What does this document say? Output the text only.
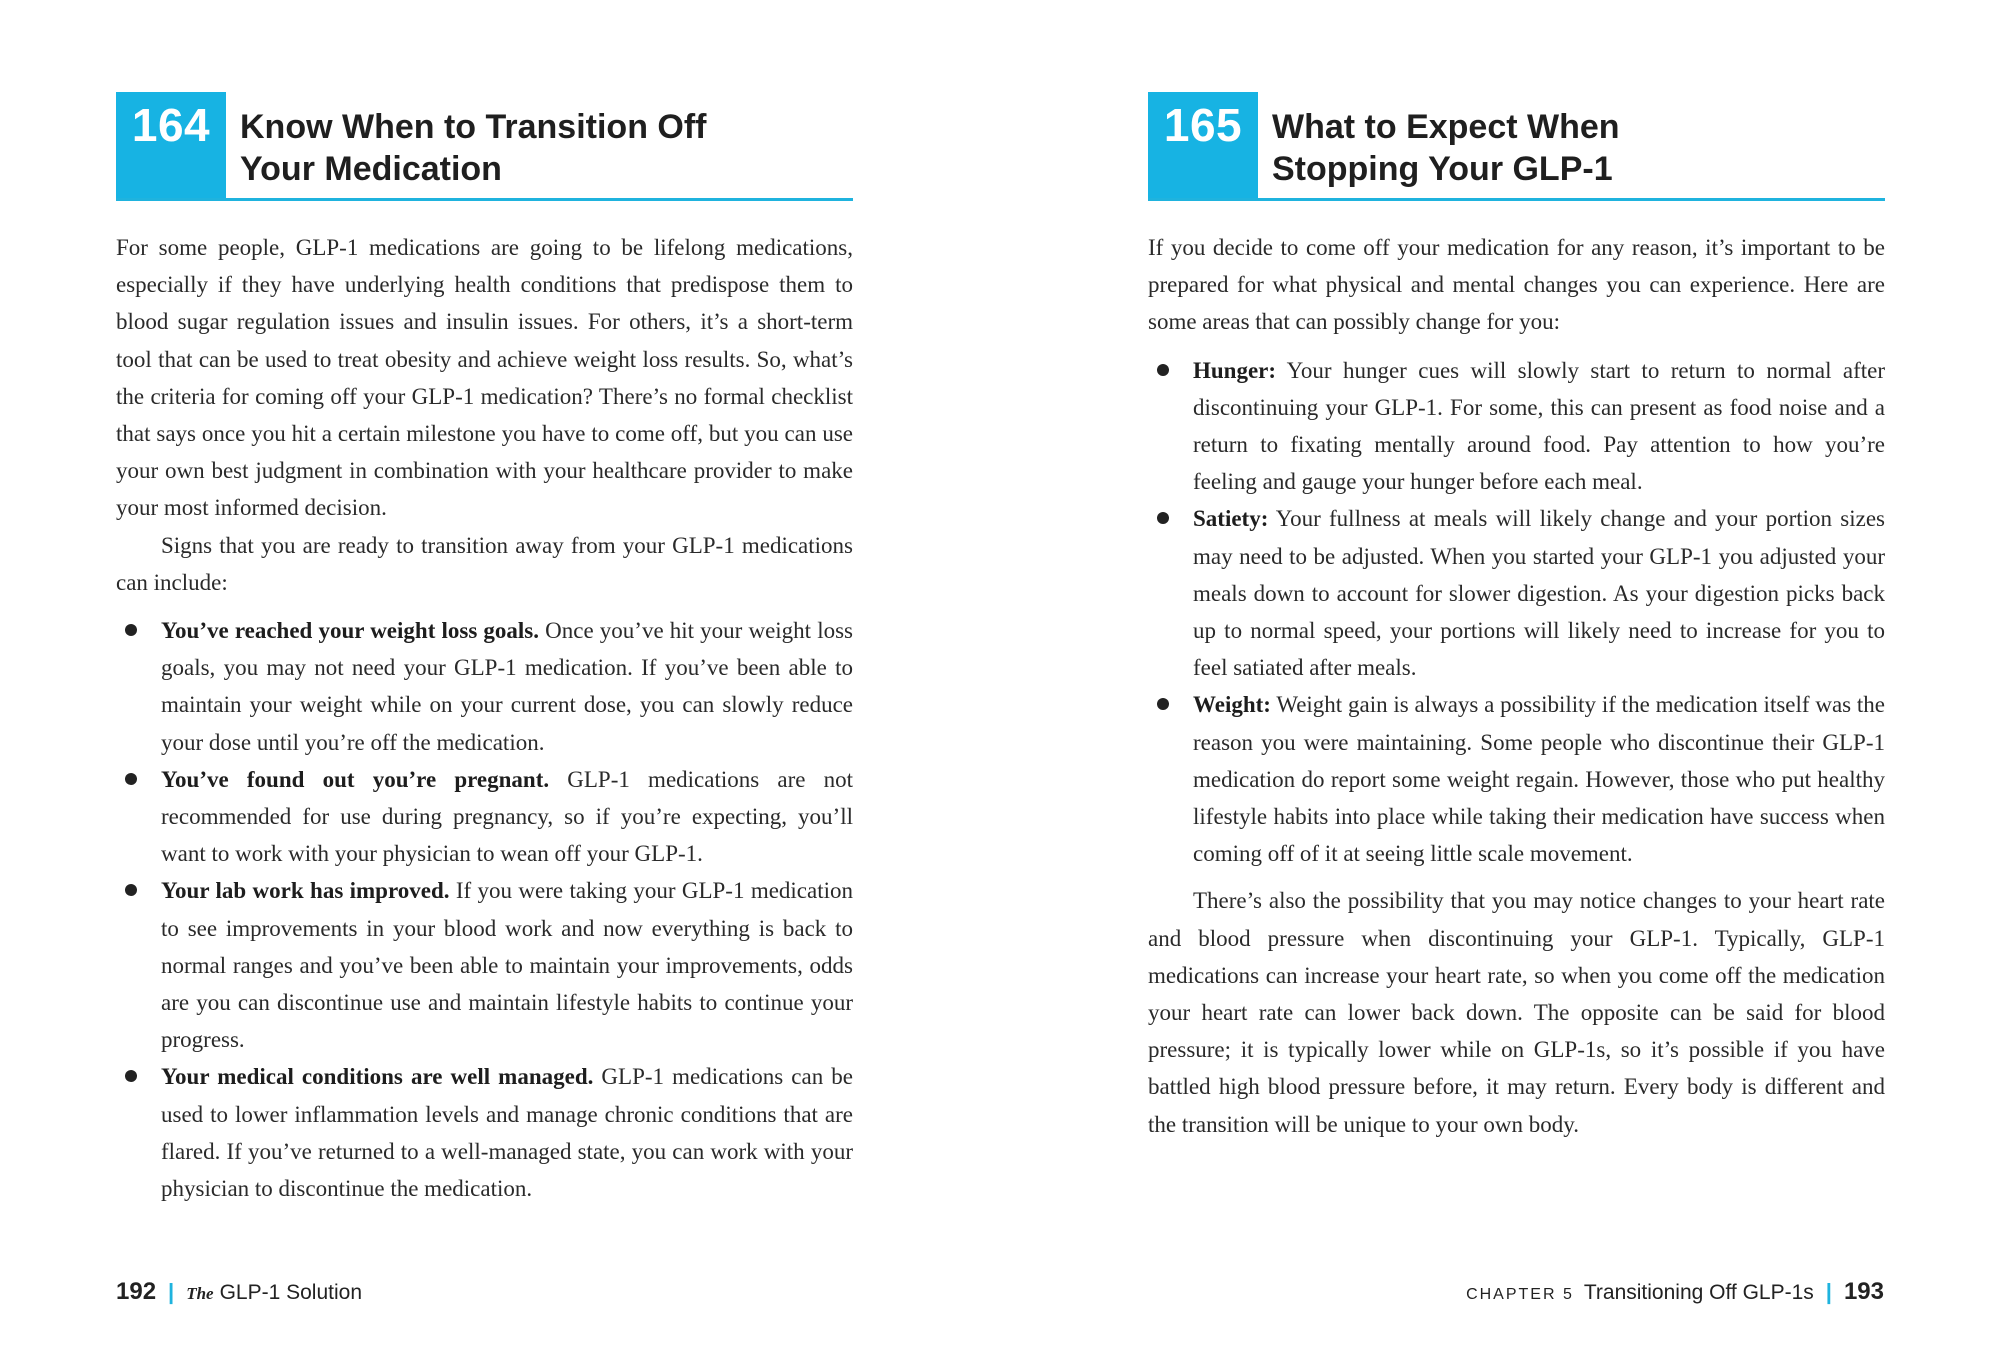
164 Know When to Transition Off
Your Medication

For some people, GLP-1 medications are going to be lifelong medications, especially if they have underlying health conditions that predispose them to blood sugar regulation issues and insulin issues. For others, it’s a short-term tool that can be used to treat obesity and achieve weight loss results. So, what’s the criteria for coming off your GLP-1 medication? There’s no formal checklist that says once you hit a certain milestone you have to come off, but you can use your own best judgment in combination with your healthcare provider to make your most informed decision.

Signs that you are ready to transition away from your GLP-1 medications can include:

You’ve reached your weight loss goals. Once you’ve hit your weight loss goals, you may not need your GLP-1 medication. If you’ve been able to maintain your weight while on your current dose, you can slowly reduce your dose until you’re off the medication.
You’ve found out you’re pregnant. GLP-1 medications are not recommended for use during pregnancy, so if you’re expecting, you’ll want to work with your physician to wean off your GLP-1.
Your lab work has improved. If you were taking your GLP-1 medication to see improvements in your blood work and now everything is back to normal ranges and you’ve been able to maintain your improvements, odds are you can discontinue use and maintain lifestyle habits to continue your progress.
Your medical conditions are well managed. GLP-1 medications can be used to lower inflammation levels and manage chronic conditions that are flared. If you’ve returned to a well-managed state, you can work with your physician to discontinue the medication.
165 What to Expect When
Stopping Your GLP-1

If you decide to come off your medication for any reason, it’s important to be prepared for what physical and mental changes you can experience. Here are some areas that can possibly change for you:

Hunger: Your hunger cues will slowly start to return to normal after discontinuing your GLP-1. For some, this can present as food noise and a return to fixating mentally around food. Pay attention to how you’re feeling and gauge your hunger before each meal.
Satiety: Your fullness at meals will likely change and your portion sizes may need to be adjusted. When you started your GLP-1 you adjusted your meals down to account for slower digestion. As your digestion picks back up to normal speed, your portions will likely need to increase for you to feel satiated after meals.
Weight: Weight gain is always a possibility if the medication itself was the reason you were maintaining. Some people who discontinue their GLP-1 medication do report some weight regain. However, those who put healthy lifestyle habits into place while taking their medication have success when coming off of it at seeing little scale movement.

There’s also the possibility that you may notice changes to your heart rate and blood pressure when discontinuing your GLP-1. Typically, GLP-1 medications can increase your heart rate, so when you come off the medication your heart rate can lower back down. The opposite can be said for blood pressure; it is typically lower while on GLP-1s, so it’s possible if you have battled high blood pressure before, it may return. Every body is different and the transition will be unique to your own body.

192 | The GLP-1 Solution	CHAPTER 5 Transitioning Off GLP-1s | 193
